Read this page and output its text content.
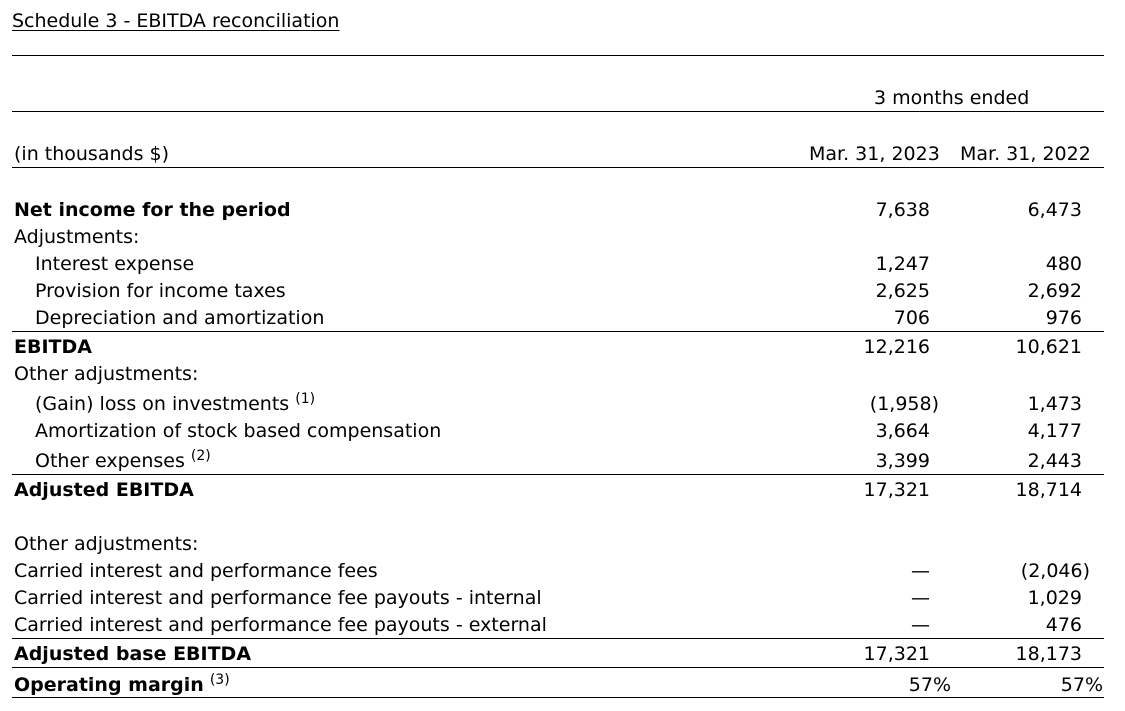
Schedule 3 - EBITDA reconciliation
3 months ended
(in thousands $)	Mar. 31, 2023 Mar. 31, 2022
Net income for the period	7,638	6,473
Adjustments:
Interest expense	1,247	480
Provision for income taxes	2,625	2,692
Depreciation and amortization	706	976
EBITDA	12,216	10,621
Other adjustments:
(Gain) loss on investments $^{(1)}$	(1,958)	1,473
Amortization of stock based compensation	3,664	4,177
Other expenses $^{(2)}$	3,399	2,443
Adjusted EBITDA	17,321	18,714
Other adjustments:
Carried interest and performance fees	—	(2,046)
Carried interest and performance fee payouts - internal	—	1,029
Carried interest and performance fee payouts - external	—	476
Adjusted base EBITDA	17,321	18,173
Operating margin $^{(3)}$	57%	57%
